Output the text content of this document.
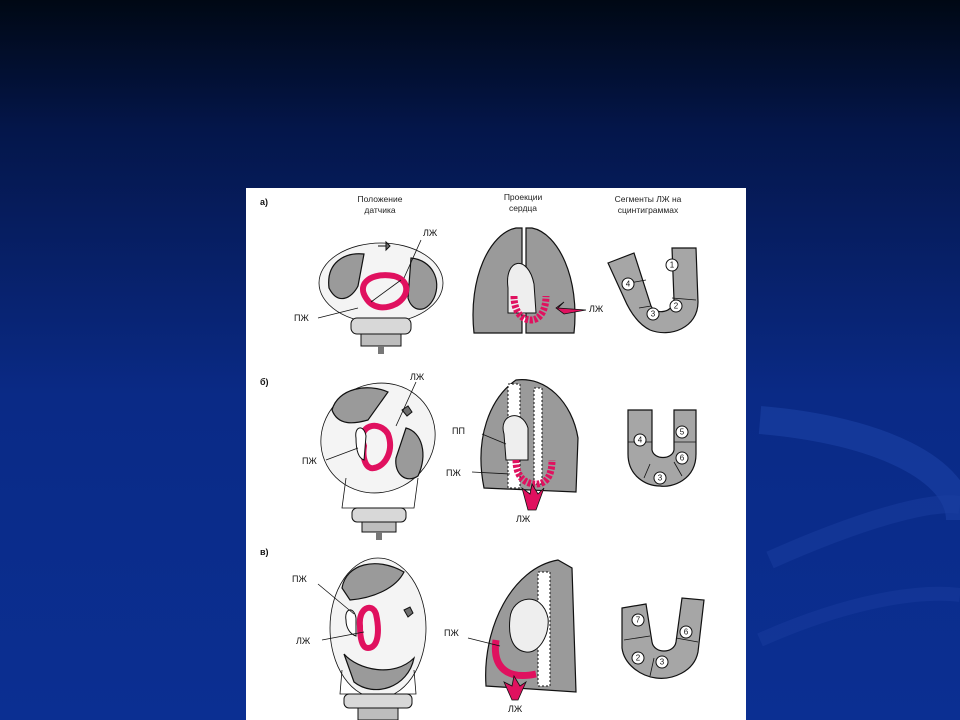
Положение
датчика
Проекции
сердца
Сегменты ЛЖ на
сцинтиграммах
а)
ЛЖ
ПЖ
ЛЖ
1
2
3
4
б)	ЛЖ
ПЖ
ПП
ПЖ
ЛЖ
5
6
3
4
в)
ПЖ
ЛЖ
ПЖ
ЛЖ
7
6
3
2
